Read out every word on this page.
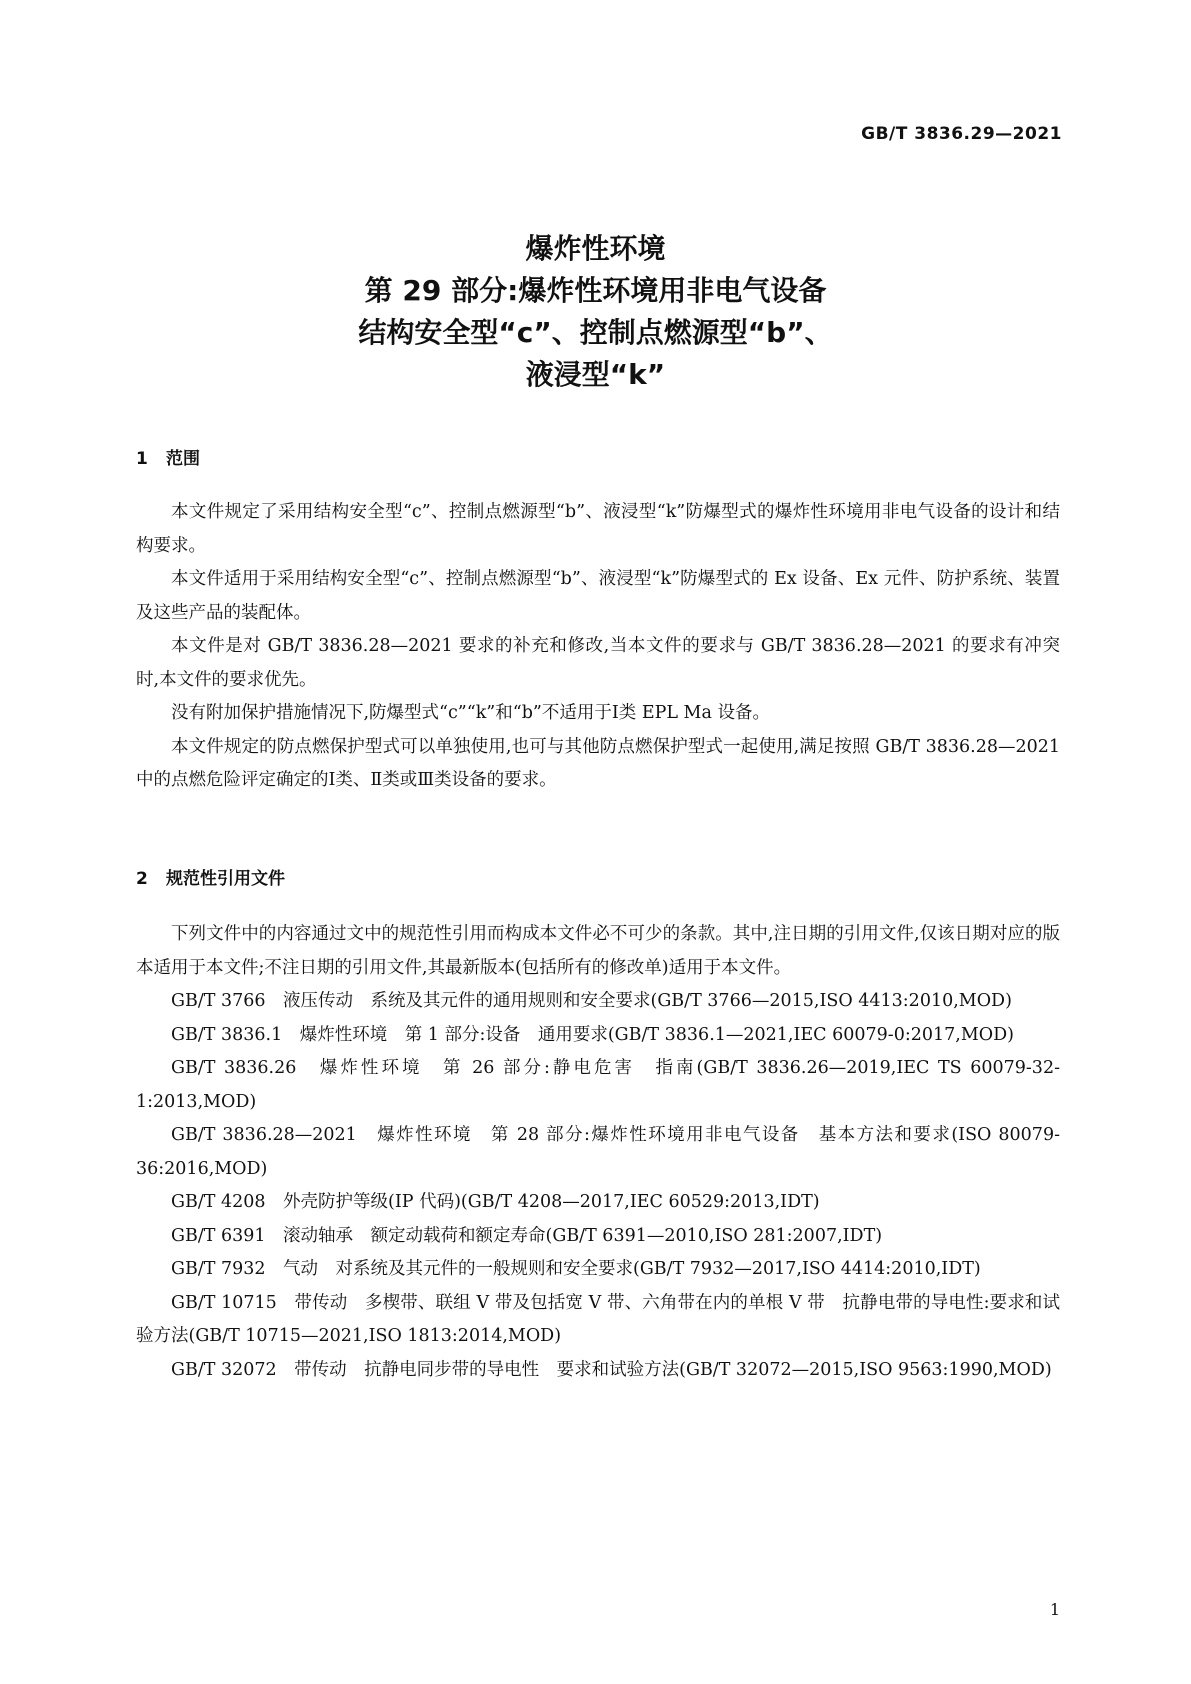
GB/T 3836.29—2021
爆炸性环境
第 29 部分:爆炸性环境用非电气设备
结构安全型“c”、控制点燃源型“b”、
液浸型“k”
1 范围

本文件规定了采用结构安全型“c”、控制点燃源型“b”、液浸型“k”防爆型式的爆炸性环境用非电气设备的设计和结构要求。

本文件适用于采用结构安全型“c”、控制点燃源型“b”、液浸型“k”防爆型式的 Ex 设备、Ex 元件、防护系统、装置及这些产品的装配体。

本文件是对 GB/T 3836.28—2021 要求的补充和修改,当本文件的要求与 GB/T 3836.28—2021 的要求有冲突时,本文件的要求优先。

没有附加保护措施情况下,防爆型式“c”“k”和“b”不适用于Ⅰ类 EPL Ma 设备。

本文件规定的防点燃保护型式可以单独使用,也可与其他防点燃保护型式一起使用,满足按照 GB/T 3836.28—2021 中的点燃危险评定确定的Ⅰ类、Ⅱ类或Ⅲ类设备的要求。

2 规范性引用文件

下列文件中的内容通过文中的规范性引用而构成本文件必不可少的条款。其中,注日期的引用文件,仅该日期对应的版本适用于本文件;不注日期的引用文件,其最新版本(包括所有的修改单)适用于本文件。

GB/T 3766　液压传动　系统及其元件的通用规则和安全要求(GB/T 3766—2015,ISO 4413:2010,MOD)

GB/T 3836.1　爆炸性环境　第 1 部分:设备　通用要求(GB/T 3836.1—2021,IEC 60079-0:2017,MOD)

GB/T 3836.26　爆炸性环境　第 26 部分:静电危害　指南(GB/T 3836.26—2019,IEC TS 60079-32-1:2013,MOD)

GB/T 3836.28—2021　爆炸性环境　第 28 部分:爆炸性环境用非电气设备　基本方法和要求(ISO 80079-36:2016,MOD)

GB/T 4208　外壳防护等级(IP 代码)(GB/T 4208—2017,IEC 60529:2013,IDT)

GB/T 6391　滚动轴承　额定动载荷和额定寿命(GB/T 6391—2010,ISO 281:2007,IDT)

GB/T 7932　气动　对系统及其元件的一般规则和安全要求(GB/T 7932—2017,ISO 4414:2010,IDT)

GB/T 10715　带传动　多楔带、联组 V 带及包括宽 V 带、六角带在内的单根 V 带　抗静电带的导电性:要求和试验方法(GB/T 10715—2021,ISO 1813:2014,MOD)

GB/T 32072　带传动　抗静电同步带的导电性　要求和试验方法(GB/T 32072—2015,ISO 9563:1990,MOD)

1
